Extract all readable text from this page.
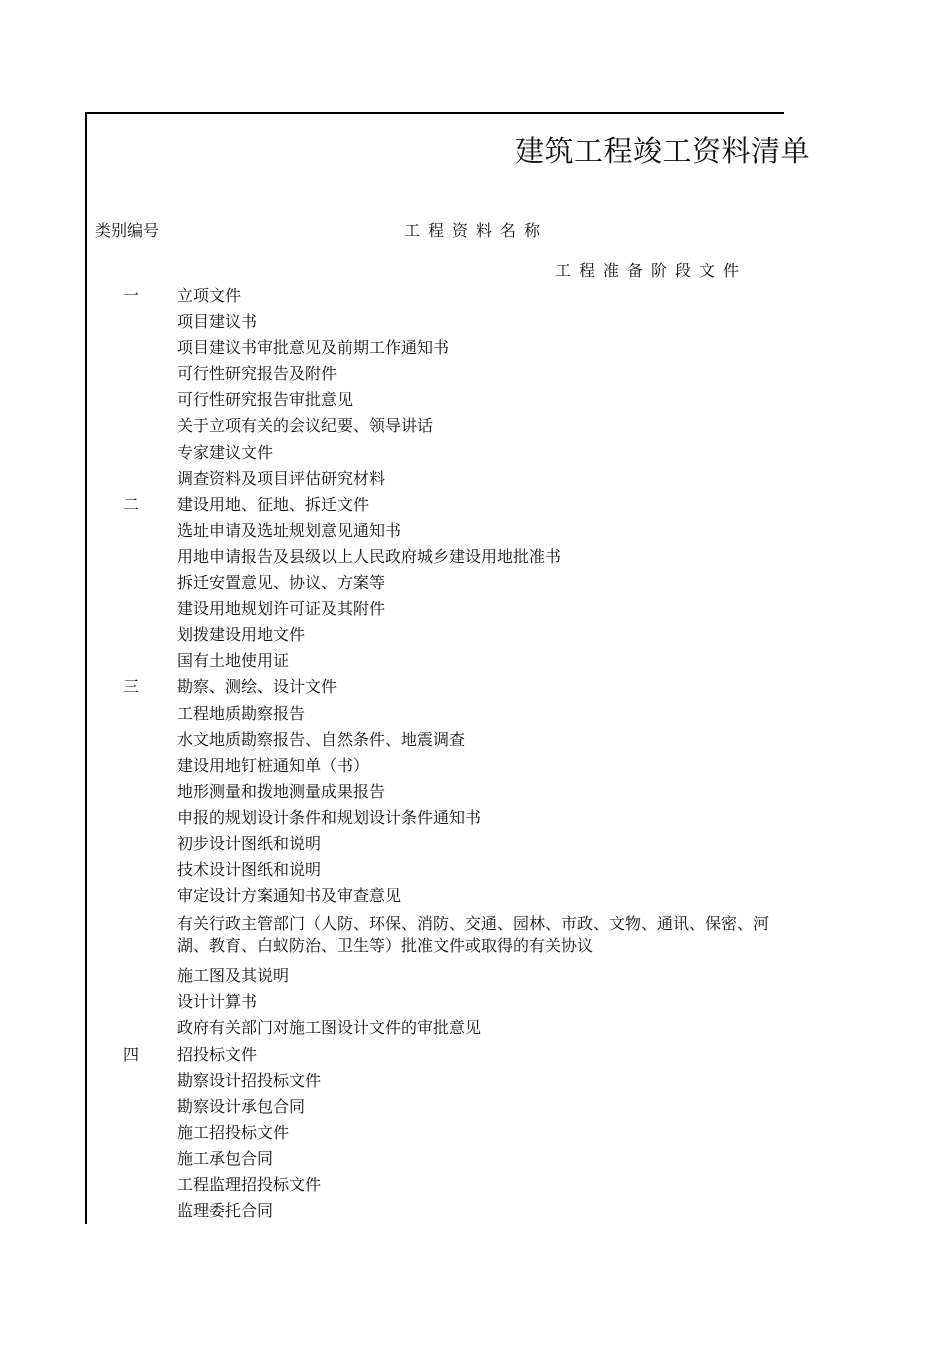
建筑工程竣工资料清单
类别编号	工程资料名称
工程准备阶段文件
一 立项文件
项目建议书
项目建议书审批意见及前期工作通知书
可行性研究报告及附件
可行性研究报告审批意见
关于立项有关的会议纪要、领导讲话
专家建议文件
调查资料及项目评估研究材料
二 建设用地、征地、拆迁文件
选址申请及选址规划意见通知书
用地申请报告及县级以上人民政府城乡建设用地批准书
拆迁安置意见、协议、方案等
建设用地规划许可证及其附件
划拨建设用地文件
国有土地使用证
三 勘察、测绘、设计文件
工程地质勘察报告
水文地质勘察报告、自然条件、地震调查
建设用地钉桩通知单（书）
地形测量和拨地测量成果报告
申报的规划设计条件和规划设计条件通知书
初步设计图纸和说明
技术设计图纸和说明
审定设计方案通知书及审查意见
有关行政主管部门（人防、环保、消防、交通、园林、市政、文物、通讯、保密、河湖、教育、白蚁防治、卫生等）批准文件或取得的有关协议
施工图及其说明
设计计算书
政府有关部门对施工图设计文件的审批意见
四 招投标文件
勘察设计招投标文件
勘察设计承包合同
施工招投标文件
施工承包合同
工程监理招投标文件
监理委托合同
